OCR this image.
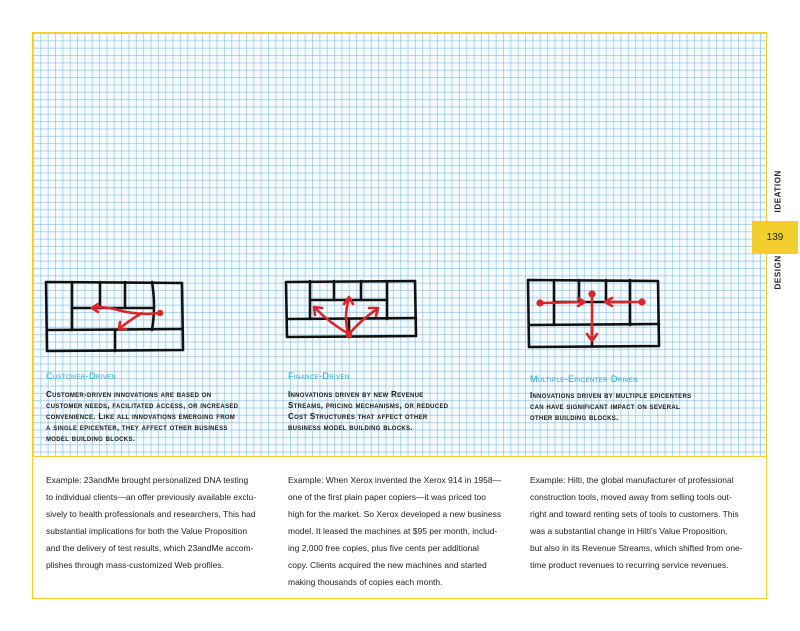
IDEATION
139
DESIGN
Customer-Driven
Customer-driven innovations are based on
customer needs, facilitated access, or increased
convenience. Like all innovations emerging from
a single epicenter, they affect other business
model building blocks.
Finance-Driven
Innovations driven by new Revenue
Streams, pricing mechanisms, or reduced
Cost Structures that affect other
business model building blocks.
Multiple-Epicenter Driven
Innovations driven by multiple epicenters
can have significant impact on several
other building blocks.
Example: 23andMe brought personalized DNA testing
to individual clients—an offer previously available exclu-
sively to health professionals and researchers, This had
substantial implications for both the Value Proposition
and the delivery of test results, which 23andMe accom-
plishes through mass-customized Web profiles.
Example: When Xerox invented the Xerox 914 in 1958—
one of the first plain paper copiers—it was priced too
high for the market. So Xerox developed a new business
model. It leased the machines at $95 per month, includ-
ing 2,000 free copies, plus five cents per additional
copy. Clients acquired the new machines and started
making thousands of copies each month.
Example: Hilti, the global manufacturer of professional
construction tools, moved away from selling tools out-
right and toward renting sets of tools to customers. This
was a substantial change in Hilti's Value Proposition,
but also in its Revenue Streams, which shifted from one-
time product revenues to recurring service revenues.
